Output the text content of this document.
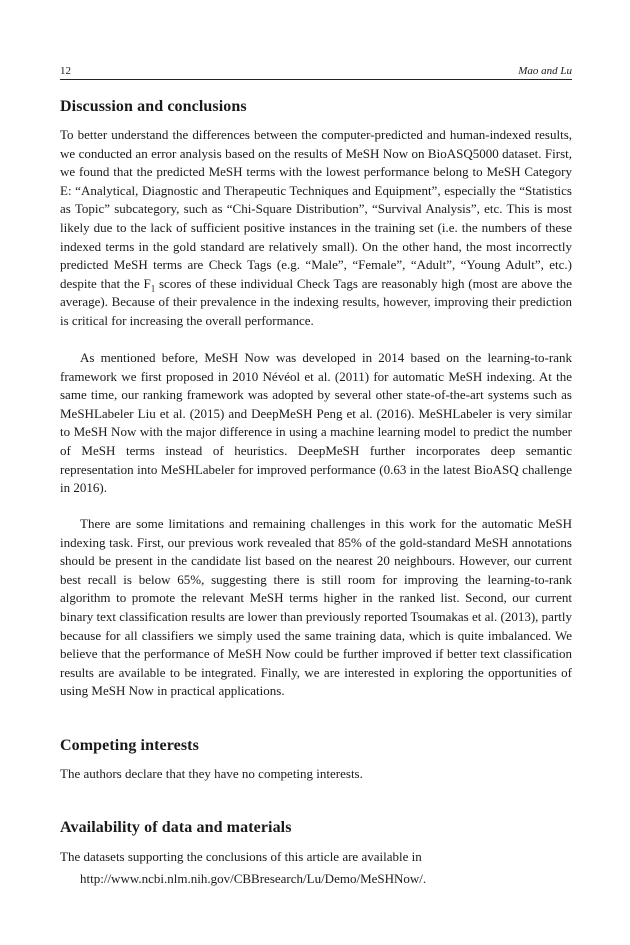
12	Mao and Lu
Discussion and conclusions

To better understand the differences between the computer-predicted and human-indexed results, we conducted an error analysis based on the results of MeSH Now on BioASQ5000 dataset. First, we found that the predicted MeSH terms with the lowest performance belong to MeSH Category E: “Analytical, Diagnostic and Therapeutic Techniques and Equipment”, especially the “Statistics as Topic” subcategory, such as “Chi-Square Distribution”, “Survival Analysis”, etc. This is most likely due to the lack of sufficient positive instances in the training set (i.e. the numbers of these indexed terms in the gold standard are relatively small). On the other hand, the most incorrectly predicted MeSH terms are Check Tags (e.g. “Male”, “Female”, “Adult”, “Young Adult”, etc.) despite that the $F_1$ scores of these individual Check Tags are reasonably high (most are above the average). Because of their prevalence in the indexing results, however, improving their prediction is critical for increasing the overall performance.

As mentioned before, MeSH Now was developed in 2014 based on the learning-to-rank framework we first proposed in 2010 Névéol et al. (2011) for automatic MeSH indexing. At the same time, our ranking framework was adopted by several other state-of-the-art systems such as MeSHLabeler Liu et al. (2015) and DeepMeSH Peng et al. (2016). MeSHLabeler is very similar to MeSH Now with the major difference in using a machine learning model to predict the number of MeSH terms instead of heuristics. DeepMeSH further incorporates deep semantic representation into MeSHLabeler for improved performance (0.63 in the latest BioASQ challenge in 2016).

There are some limitations and remaining challenges in this work for the automatic MeSH indexing task. First, our previous work revealed that 85% of the gold-standard MeSH annotations should be present in the candidate list based on the nearest 20 neighbours. However, our current best recall is below 65%, suggesting there is still room for improving the learning-to-rank algorithm to promote the relevant MeSH terms higher in the ranked list. Second, our current binary text classification results are lower than previously reported Tsoumakas et al. (2013), partly because for all classifiers we simply used the same training data, which is quite imbalanced. We believe that the performance of MeSH Now could be further improved if better text classification results are available to be integrated. Finally, we are interested in exploring the opportunities of using MeSH Now in practical applications.

Competing interests

The authors declare that they have no competing interests.

Availability of data and materials

The datasets supporting the conclusions of this article are available in

http://www.ncbi.nlm.nih.gov/CBBresearch/Lu/Demo/MeSHNow/.
